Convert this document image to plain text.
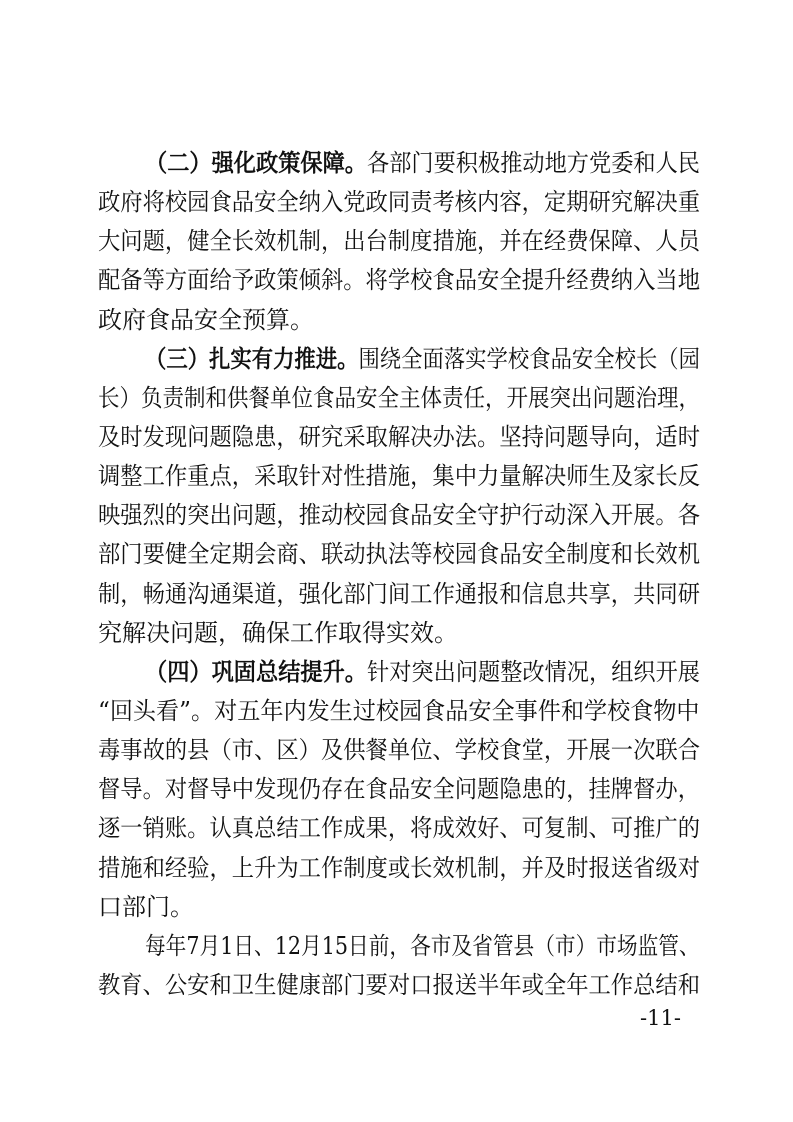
（二）强化政策保障。各部门要积极推动地方党委和人民
政府将校园食品安全纳入党政同责考核内容，定期研究解决重
大问题，健全长效机制，出台制度措施，并在经费保障、人员
配备等方面给予政策倾斜。将学校食品安全提升经费纳入当地
政府食品安全预算。
（三）扎实有力推进。围绕全面落实学校食品安全校长（园
长）负责制和供餐单位食品安全主体责任，开展突出问题治理，
及时发现问题隐患，研究采取解决办法。坚持问题导向，适时
调整工作重点，采取针对性措施，集中力量解决师生及家长反
映强烈的突出问题，推动校园食品安全守护行动深入开展。各
部门要健全定期会商、联动执法等校园食品安全制度和长效机
制，畅通沟通渠道，强化部门间工作通报和信息共享，共同研
究解决问题，确保工作取得实效。
（四）巩固总结提升。针对突出问题整改情况，组织开展
“回头看”。对五年内发生过校园食品安全事件和学校食物中
毒事故的县（市、区）及供餐单位、学校食堂，开展一次联合
督导。对督导中发现仍存在食品安全问题隐患的，挂牌督办，
逐一销账。认真总结工作成果，将成效好、可复制、可推广的
措施和经验，上升为工作制度或长效机制，并及时报送省级对
口部门。
每年7月1日、12月15日前，各市及省管县（市）市场监管、
教育、公安和卫生健康部门要对口报送半年或全年工作总结和
-11-
